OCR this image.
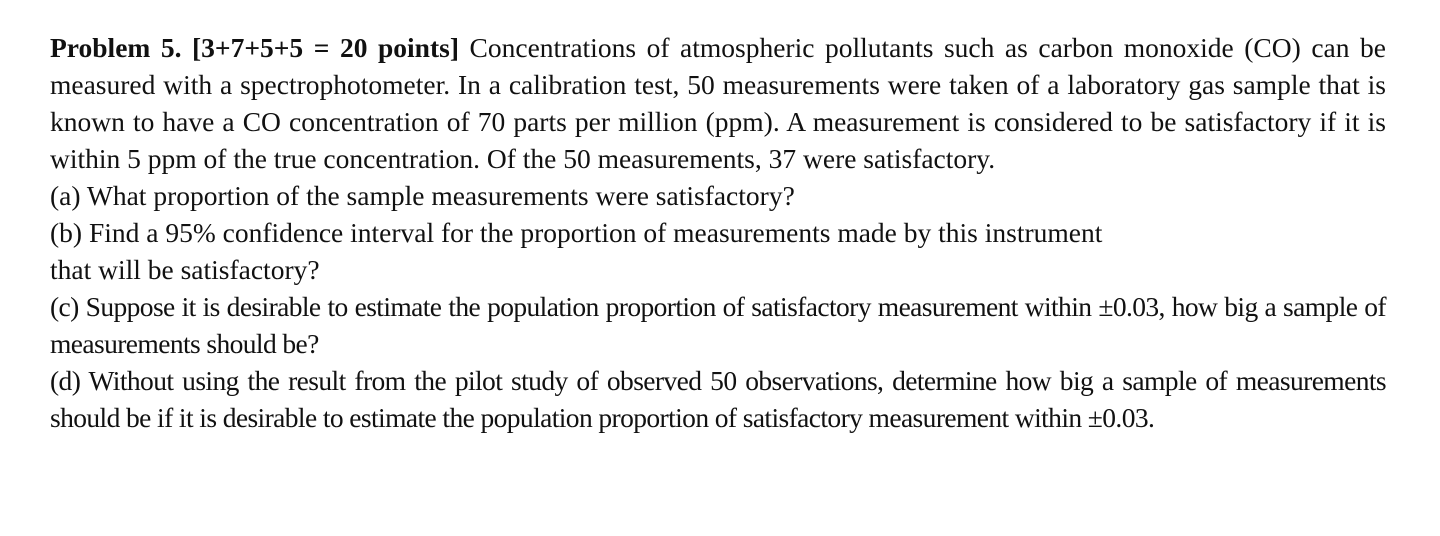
Problem 5. [3+7+5+5 = 20 points] Concentrations of atmospheric pollutants such as carbon monoxide (CO) can be measured with a spectrophotometer. In a calibration test, 50 measurements were taken of a laboratory gas sample that is known to have a CO concentration of 70 parts per million (ppm). A measurement is considered to be satisfactory if it is within 5 ppm of the true concentration. Of the 50 measurements, 37 were satisfactory.
(a) What proportion of the sample measurements were satisfactory?
(b) Find a 95% confidence interval for the proportion of measurements made by this instrument
that will be satisfactory?
(c) Suppose it is desirable to estimate the population proportion of satisfactory measurement within ±0.03, how big a sample of measurements should be?
(d) Without using the result from the pilot study of observed 50 observations, determine how big a sample of measurements should be if it is desirable to estimate the population proportion of satisfactory measurement within ±0.03.
